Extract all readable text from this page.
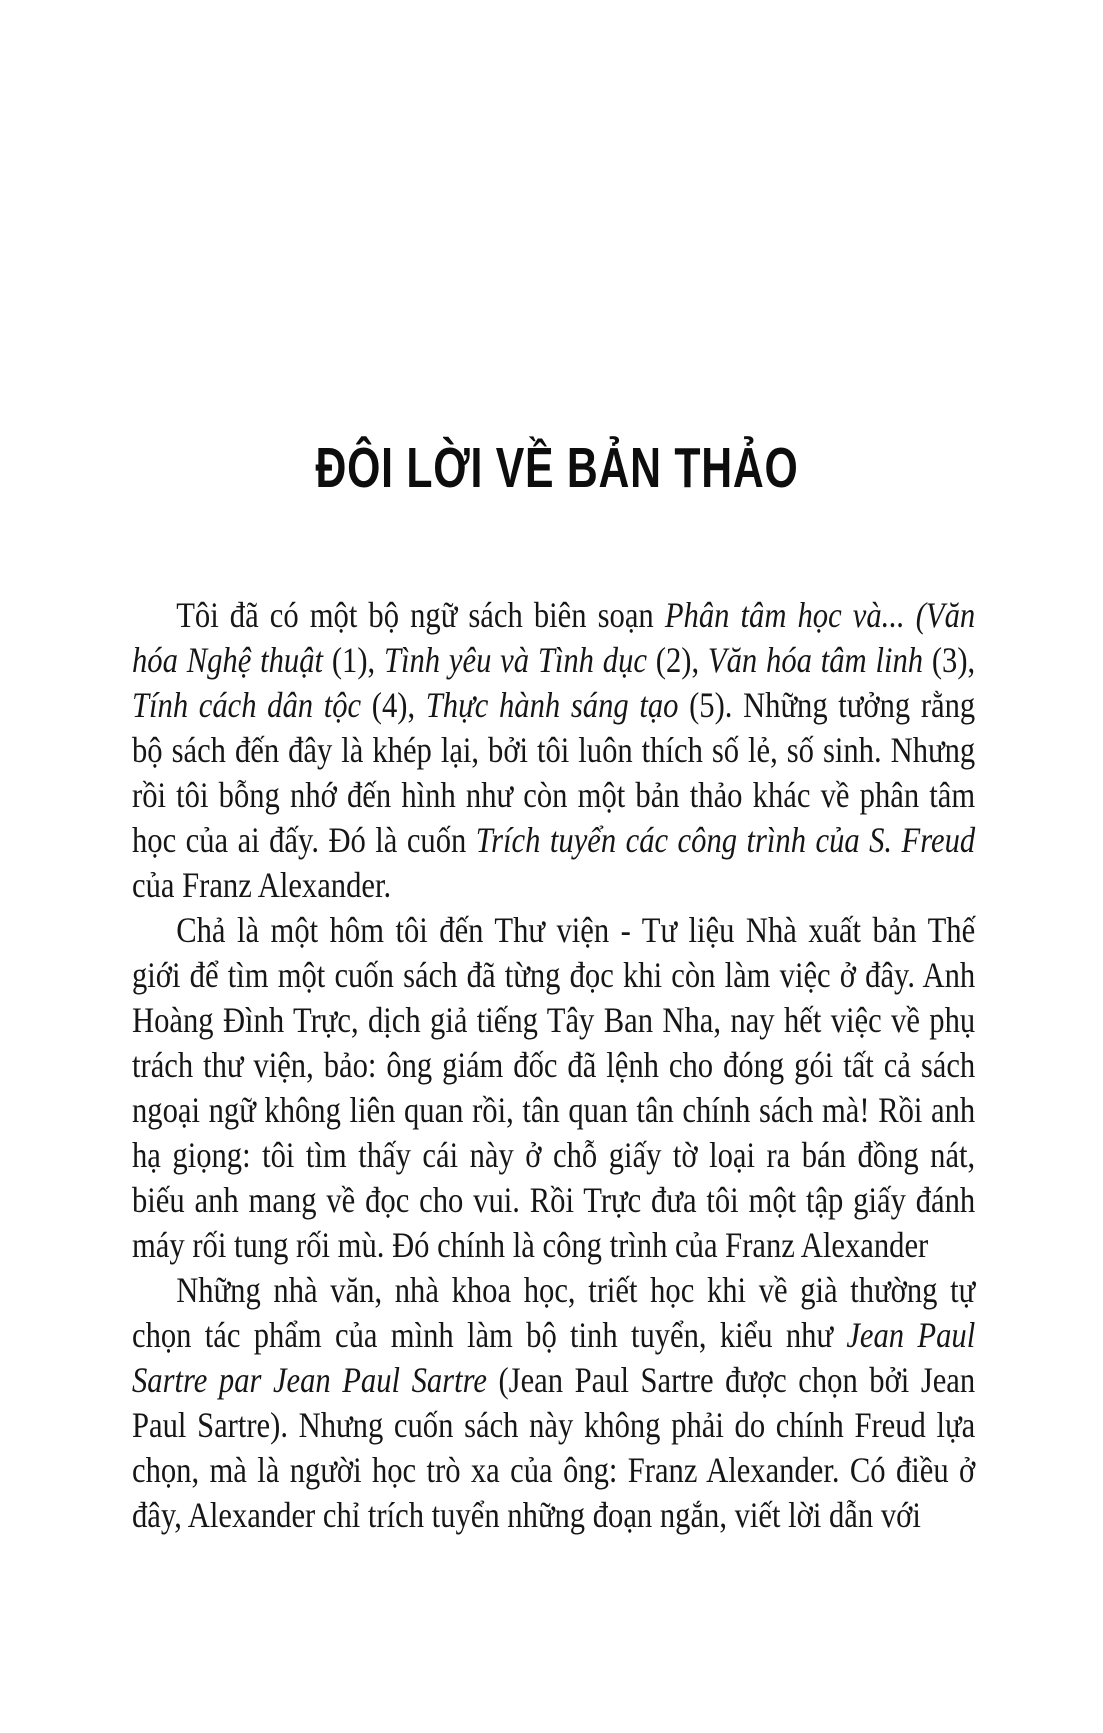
ĐÔI LỜI VỀ BẢN THẢO

Tôi đã có một bộ ngữ sách biên soạn Phân tâm học và... (Văn hóa Nghệ thuật (1), Tình yêu và Tình dục (2), Văn hóa tâm linh (3), Tính cách dân tộc (4), Thực hành sáng tạo (5). Những tưởng rằng bộ sách đến đây là khép lại, bởi tôi luôn thích số lẻ, số sinh. Nhưng rồi tôi bỗng nhớ đến hình như còn một bản thảo khác về phân tâm học của ai đấy. Đó là cuốn Trích tuyển các công trình của S. Freud của Franz Alexander.

Chả là một hôm tôi đến Thư viện - Tư liệu Nhà xuất bản Thế giới để tìm một cuốn sách đã từng đọc khi còn làm việc ở đây. Anh Hoàng Đình Trực, dịch giả tiếng Tây Ban Nha, nay hết việc về phụ trách thư viện, bảo: ông giám đốc đã lệnh cho đóng gói tất cả sách ngoại ngữ không liên quan rồi, tân quan tân chính sách mà! Rồi anh hạ giọng: tôi tìm thấy cái này ở chỗ giấy tờ loại ra bán đồng nát, biếu anh mang về đọc cho vui. Rồi Trực đưa tôi một tập giấy đánh máy rối tung rối mù. Đó chính là công trình của Franz Alexander

Những nhà văn, nhà khoa học, triết học khi về già thường tự chọn tác phẩm của mình làm bộ tinh tuyển, kiểu như Jean Paul Sartre par Jean Paul Sartre (Jean Paul Sartre được chọn bởi Jean Paul Sartre). Nhưng cuốn sách này không phải do chính Freud lựa chọn, mà là người học trò xa của ông: Franz Alexander. Có điều ở đây, Alexander chỉ trích tuyển những đoạn ngắn, viết lời dẫn với
